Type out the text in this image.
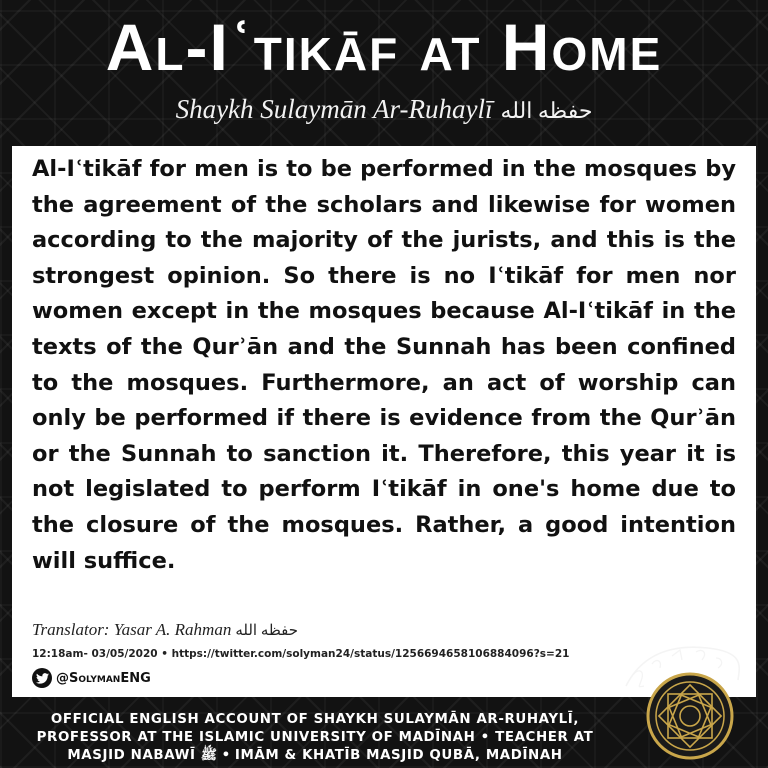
Al-Iʿtikāf at Home
Shaykh Sulaymān Ar-Ruhaylī حفظه الله

Al-Iʿtikāf for men is to be performed in the mosques by the agreement of the scholars and likewise for women according to the majority of the jurists, and this is the strongest opinion. So there is no Iʿtikāf for men nor women except in the mosques because Al-Iʿtikāf in the texts of the Qurʾān and the Sunnah has been confined to the mosques. Furthermore, an act of worship can only be performed if there is evidence from the Qurʾān or the Sunnah to sanction it. Therefore, this year it is not legislated to perform Iʿtikāf in one's home due to the closure of the mosques. Rather, a good intention will suffice.

Translator: Yasar A. Rahman حفظه الله
12:18am- 03/05/2020 • https://twitter.com/solyman24/status/1256694658106884096?s=21
@SolymanENG
OFFICIAL ENGLISH ACCOUNT OF SHAYKH SULAYMĀN AR-RUHAYLĪ,
PROFESSOR AT THE ISLAMIC UNIVERSITY OF MADĪNAH • TEACHER AT
MASJID NABAWĪ ﷺ • IMĀM & KHATĪB MASJID QUBĀ, MADĪNAH
